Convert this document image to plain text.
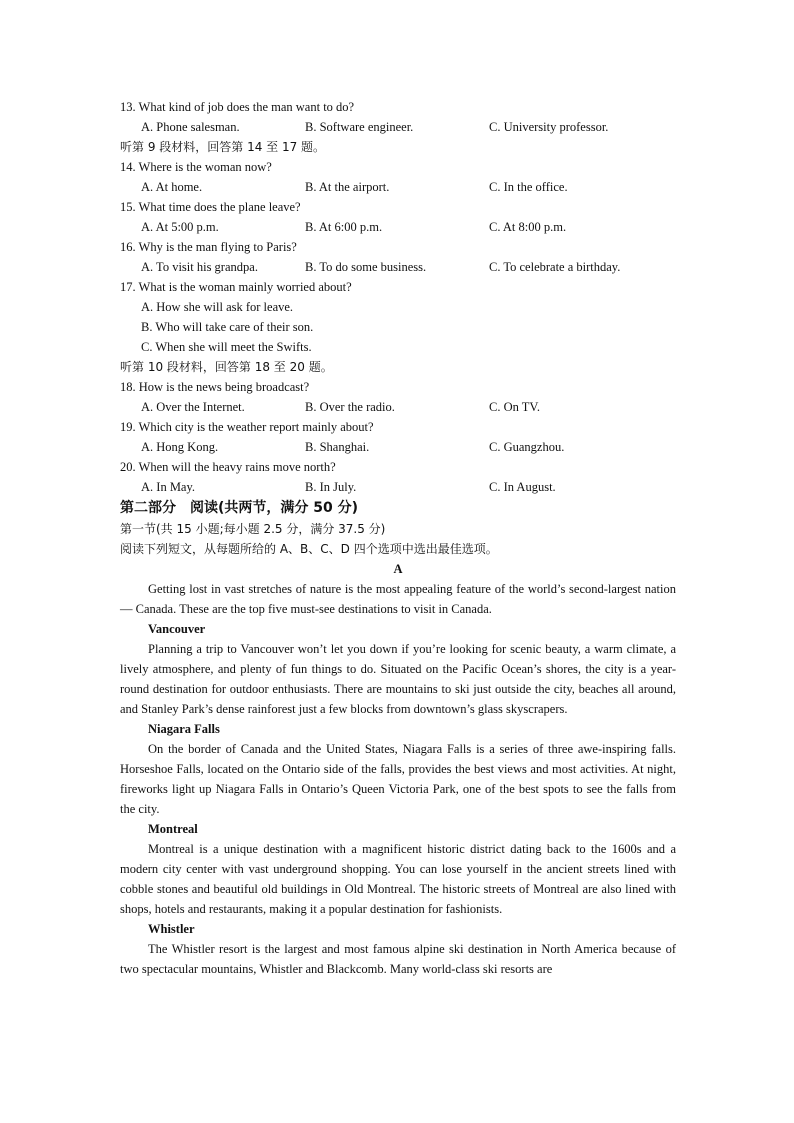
13. What kind of job does the man want to do?
A. Phone salesman.	B. Software engineer.	C. University professor.
听第 9 段材料，回答第 14 至 17 题。
14. Where is the woman now?
A. At home.	B. At the airport.	C. In the office.
15. What time does the plane leave?
A. At 5:00 p.m.	B. At 6:00 p.m.	C. At 8:00 p.m.
16. Why is the man flying to Paris?
A. To visit his grandpa.	B. To do some business.	C. To celebrate a birthday.
17. What is the woman mainly worried about?
A. How she will ask for leave.
B. Who will take care of their son.
C. When she will meet the Swifts.
听第 10 段材料，回答第 18 至 20 题。
18. How is the news being broadcast?
A. Over the Internet.	B. Over the radio.	C. On TV.
19. Which city is the weather report mainly about?
A. Hong Kong.	B. Shanghai.	C. Guangzhou.
20. When will the heavy rains move north?
A. In May.	B. In July.	C. In August.
第二部分　阅读(共两节，满分 50 分)
第一节(共 15 小题;每小题 2.5 分，满分 37.5 分)
阅读下列短文，从每题所给的 A、B、C、D 四个选项中选出最佳选项。
A
Getting lost in vast stretches of nature is the most appealing feature of the world’s second-largest nation — Canada. These are the top five must-see destinations to visit in Canada.
Vancouver
Planning a trip to Vancouver won’t let you down if you’re looking for scenic beauty, a warm climate, a lively atmosphere, and plenty of fun things to do. Situated on the Pacific Ocean’s shores, the city is a year-round destination for outdoor enthusiasts. There are mountains to ski just outside the city, beaches all around, and Stanley Park’s dense rainforest just a few blocks from downtown’s glass skyscrapers.
Niagara Falls
On the border of Canada and the United States, Niagara Falls is a series of three awe-inspiring falls. Horseshoe Falls, located on the Ontario side of the falls, provides the best views and most activities. At night, fireworks light up Niagara Falls in Ontario’s Queen Victoria Park, one of the best spots to see the falls from the city.
Montreal
Montreal is a unique destination with a magnificent historic district dating back to the 1600s and a modern city center with vast underground shopping. You can lose yourself in the ancient streets lined with cobble stones and beautiful old buildings in Old Montreal. The historic streets of Montreal are also lined with shops, hotels and restaurants, making it a popular destination for fashionists.
Whistler
The Whistler resort is the largest and most famous alpine ski destination in North America because of two spectacular mountains, Whistler and Blackcomb. Many world-class ski resorts are
